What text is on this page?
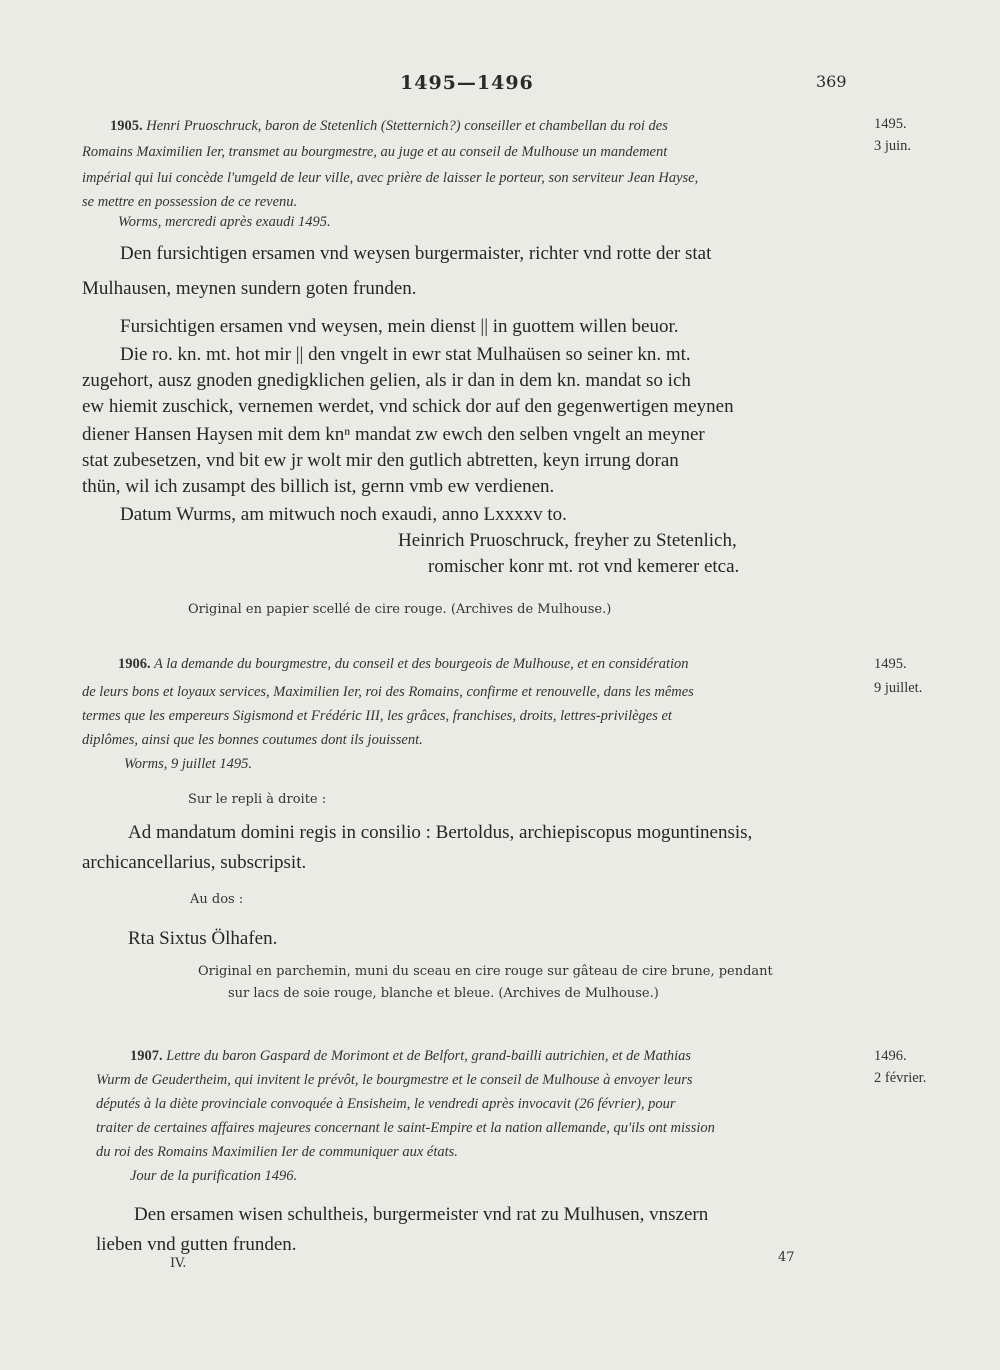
1495—1496	369
1905. Henri Pruoschruck, baron de Stetenlich (Stetternich?) conseiller et chambellan du roi des
Romains Maximilien Ier, transmet au bourgmestre, au juge et au conseil de Mulhouse un mandement
impérial qui lui concède l'umgeld de leur ville, avec prière de laisser le porteur, son serviteur Jean Hayse,
se mettre en possession de ce revenu.
Worms, mercredi après exaudi 1495.
1495.
3 juin.
Den fursichtigen ersamen vnd weysen burgermaister, richter vnd rotte der stat
Mulhausen, meynen sundern goten frunden.
Fursichtigen ersamen vnd weysen, mein dienst || in guottem willen beuor.
Die ro. kn. mt. hot mir || den vngelt in ewr stat Mulhaüsen so seiner kn. mt.
zugehort, ausz gnoden gnedigklichen gelien, als ir dan in dem kn. mandat so ich
ew hiemit zuschick, vernemen werdet, vnd schick dor auf den gegenwertigen meynen
diener Hansen Haysen mit dem knⁿ mandat zw ewch den selben vngelt an meyner
stat zubesetzen, vnd bit ew jr wolt mir den gutlich abtretten, keyn irrung doran
thün, wil ich zusampt des billich ist, gernn vmb ew verdienen.
Datum Wurms, am mitwuch noch exaudi, anno Lxxxxv to.
Heinrich Pruoschruck, freyher zu Stetenlich,
romischer konr mt. rot vnd kemerer etca.
Original en papier scellé de cire rouge. (Archives de Mulhouse.)
1906. A la demande du bourgmestre, du conseil et des bourgeois de Mulhouse, et en considération
de leurs bons et loyaux services, Maximilien Ier, roi des Romains, confirme et renouvelle, dans les mêmes
termes que les empereurs Sigismond et Frédéric III, les grâces, franchises, droits, lettres-privilèges et
diplômes, ainsi que les bonnes coutumes dont ils jouissent.
Worms, 9 juillet 1495.
1495.
9 juillet.
Sur le repli à droite :
Ad mandatum domini regis in consilio : Bertoldus, archiepiscopus moguntinensis,
archicancellarius, subscripsit.
Au dos :
Rta Sixtus Ölhafen.
Original en parchemin, muni du sceau en cire rouge sur gâteau de cire brune, pendant
sur lacs de soie rouge, blanche et bleue. (Archives de Mulhouse.)
1907. Lettre du baron Gaspard de Morimont et de Belfort, grand-bailli autrichien, et de Mathias
Wurm de Geudertheim, qui invitent le prévôt, le bourgmestre et le conseil de Mulhouse à envoyer leurs
députés à la diète provinciale convoquée à Ensisheim, le vendredi après invocavit (26 février), pour
traiter de certaines affaires majeures concernant le saint-Empire et la nation allemande, qu'ils ont mission
du roi des Romains Maximilien Ier de communiquer aux états.
Jour de la purification 1496.
1496.
2 février.
Den ersamen wisen schultheis, burgermeister vnd rat zu Mulhusen, vnszern
lieben vnd gutten frunden.
IV.	47
